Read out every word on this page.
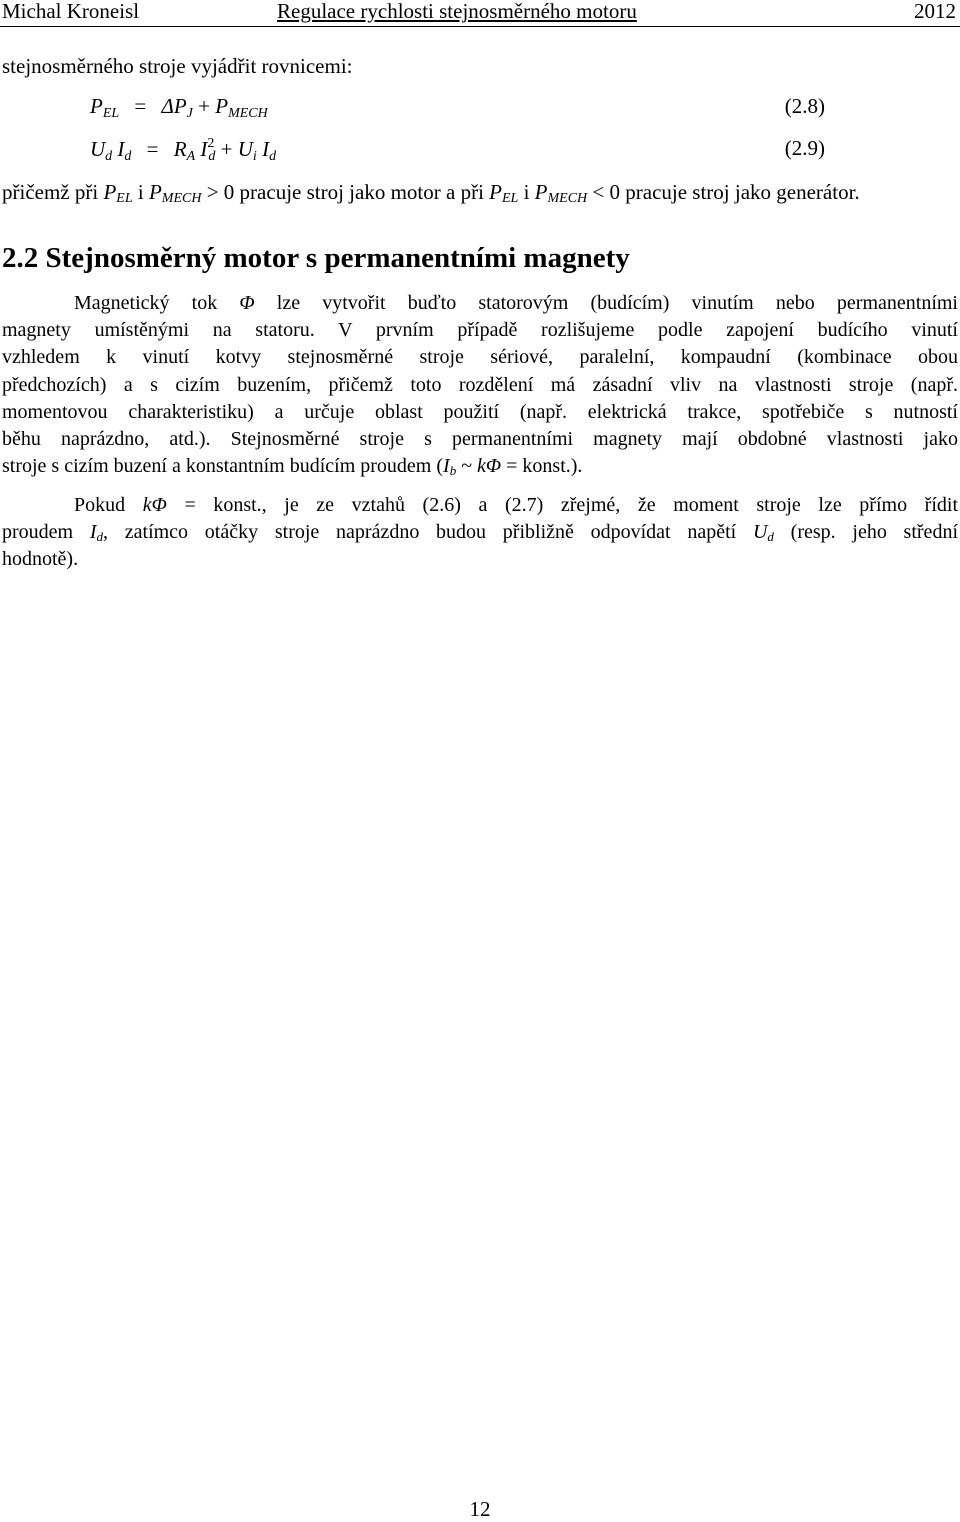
Michal Kroneisl	Regulace rychlosti stejnosměrného motoru	2012
stejnosměrného stroje vyjádřit rovnicemi:
PEL = ΔPJ + PMECH	(2.8)
Ud Id = RA $I^2d + Ui$ Id	(2.9)
přičemž při PEL i PMECH > 0 pracuje stroj jako motor a při PEL i PMECH < 0 pracuje stroj jako generátor.
2.2 Stejnosměrný motor s permanentními magnety
Magnetický tok Φ lze vytvořit buďto statorovým (budícím) vinutím nebo permanentními
magnety umístěnými na statoru. V prvním případě rozlišujeme podle zapojení budícího vinutí
vzhledem k vinutí kotvy stejnosměrné stroje sériové, paralelní, kompaudní (kombinace obou
předchozích) a s cizím buzením, přičemž toto rozdělení má zásadní vliv na vlastnosti stroje (např.
momentovou charakteristiku) a určuje oblast použití (např. elektrická trakce, spotřebiče s nutností
běhu naprázdno, atd.). Stejnosměrné stroje s permanentními magnety mají obdobné vlastnosti jako
stroje s cizím buzení a konstantním budícím proudem (Ib ~ kΦ = konst.).
Pokud kΦ = konst., je ze vztahů (2.6) a (2.7) zřejmé, že moment stroje lze přímo řídit
proudem Id, zatímco otáčky stroje naprázdno budou přibližně odpovídat napětí Ud (resp. jeho střední
hodnotě).
12
